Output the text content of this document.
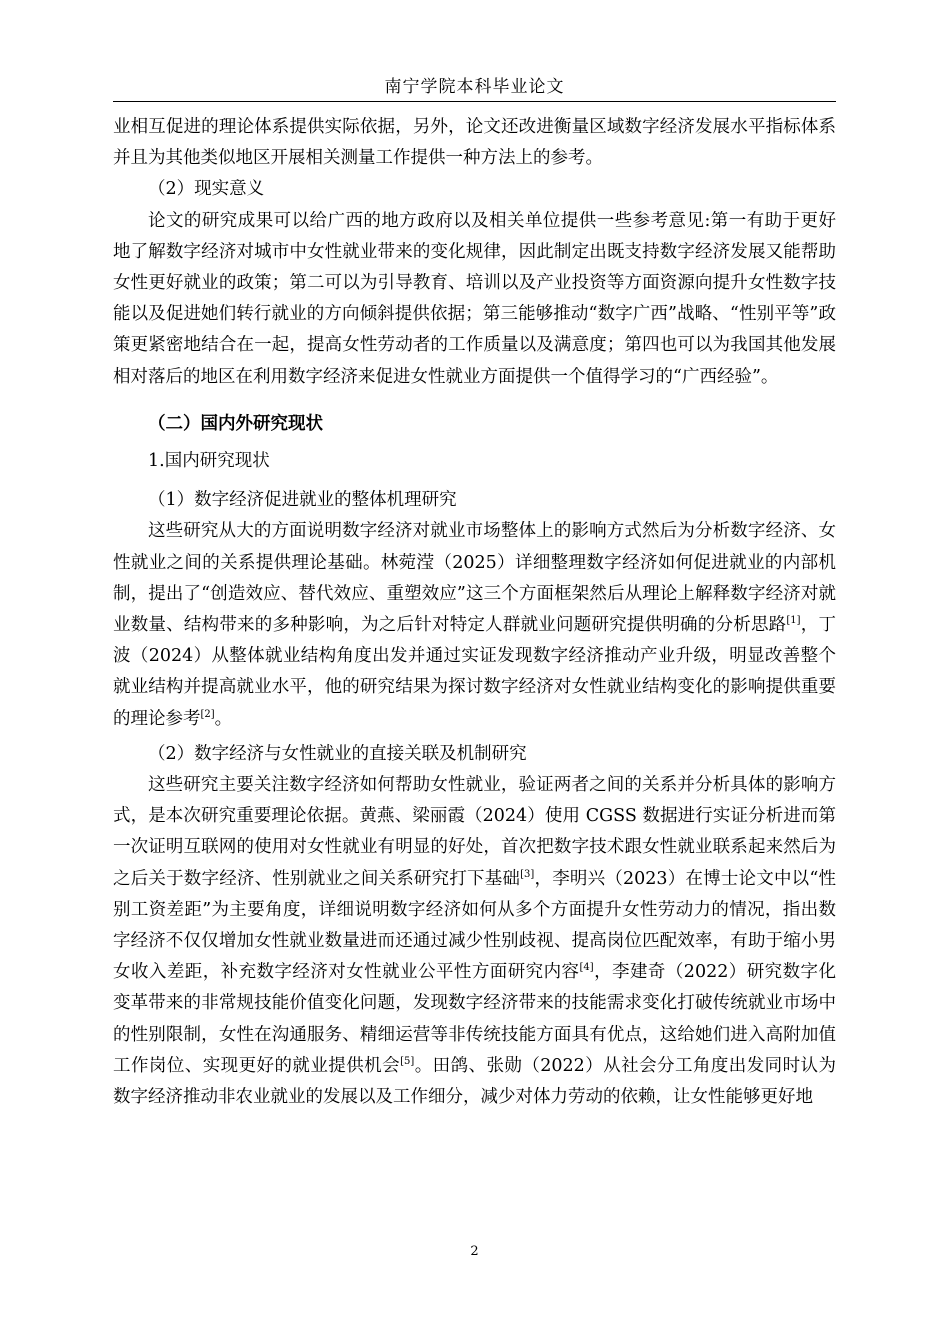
南宁学院本科毕业论文

业相互促进的理论体系提供实际依据，另外，论文还改进衡量区域数字经济发展水平指标体系并且为其他类似地区开展相关测量工作提供一种方法上的参考。

（2）现实意义

论文的研究成果可以给广西的地方政府以及相关单位提供一些参考意见:第一有助于更好地了解数字经济对城市中女性就业带来的变化规律，因此制定出既支持数字经济发展又能帮助女性更好就业的政策；第二可以为引导教育、培训以及产业投资等方面资源向提升女性数字技能以及促进她们转行就业的方向倾斜提供依据；第三能够推动“数字广西”战略、“性别平等”政策更紧密地结合在一起，提高女性劳动者的工作质量以及满意度；第四也可以为我国其他发展相对落后的地区在利用数字经济来促进女性就业方面提供一个值得学习的“广西经验”。

（二）国内外研究现状

1.国内研究现状

（1）数字经济促进就业的整体机理研究

这些研究从大的方面说明数字经济对就业市场整体上的影响方式然后为分析数字经济、女性就业之间的关系提供理论基础。林菀滢（2025）详细整理数字经济如何促进就业的内部机制，提出了“创造效应、替代效应、重塑效应”这三个方面框架然后从理论上解释数字经济对就业数量、结构带来的多种影响，为之后针对特定人群就业问题研究提供明确的分析思路[1]，丁波（2024）从整体就业结构角度出发并通过实证发现数字经济推动产业升级，明显改善整个就业结构并提高就业水平，他的研究结果为探讨数字经济对女性就业结构变化的影响提供重要的理论参考[2]。

（2）数字经济与女性就业的直接关联及机制研究

这些研究主要关注数字经济如何帮助女性就业，验证两者之间的关系并分析具体的影响方式，是本次研究重要理论依据。黄燕、梁丽霞（2024）使用 CGSS 数据进行实证分析进而第一次证明互联网的使用对女性就业有明显的好处，首次把数字技术跟女性就业联系起来然后为之后关于数字经济、性别就业之间关系研究打下基础[3]，李明兴（2023）在博士论文中以“性别工资差距”为主要角度，详细说明数字经济如何从多个方面提升女性劳动力的情况，指出数字经济不仅仅增加女性就业数量进而还通过减少性别歧视、提高岗位匹配效率，有助于缩小男女收入差距，补充数字经济对女性就业公平性方面研究内容[4]，李建奇（2022）研究数字化变革带来的非常规技能价值变化问题，发现数字经济带来的技能需求变化打破传统就业市场中的性别限制，女性在沟通服务、精细运营等非传统技能方面具有优点，这给她们进入高附加值工作岗位、实现更好的就业提供机会[5]。田鸽、张勋（2022）从社会分工角度出发同时认为数字经济推动非农业就业的发展以及工作细分，减少对体力劳动的依赖，让女性能够更好地

2
